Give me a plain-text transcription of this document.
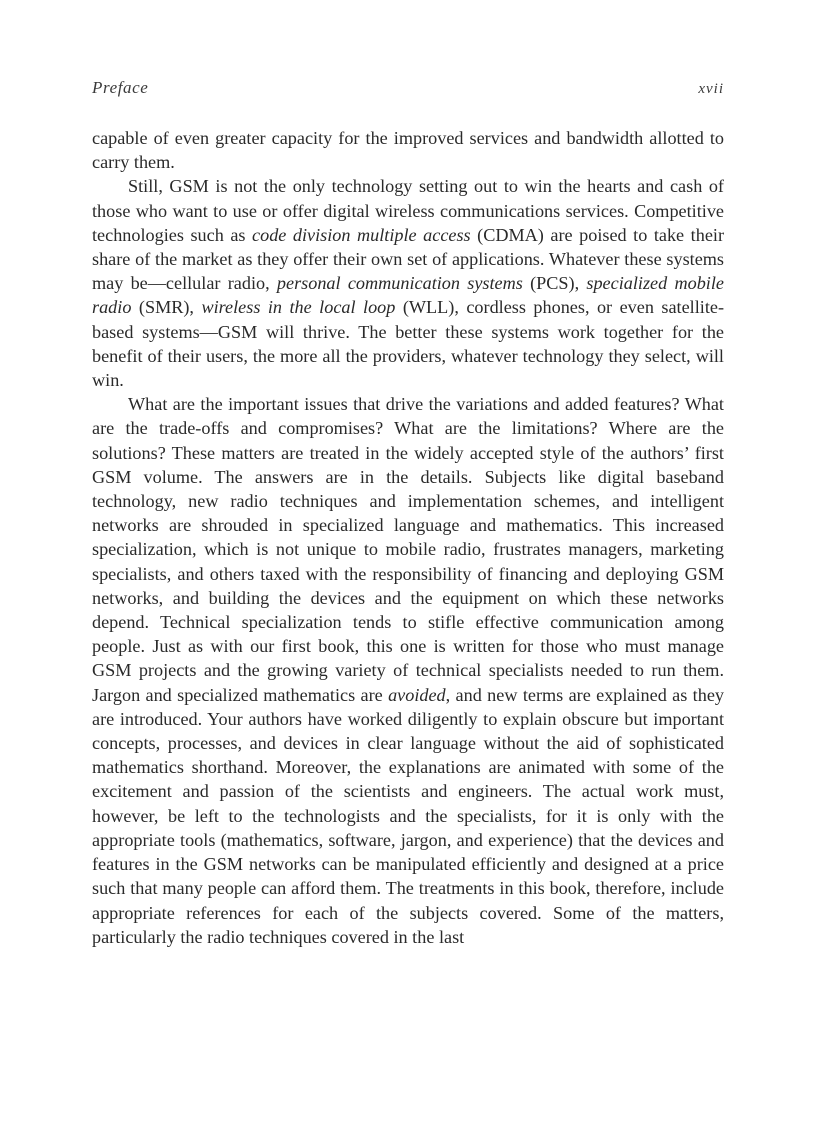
Preface	xvii

capable of even greater capacity for the improved services and bandwidth allotted to carry them.

Still, GSM is not the only technology setting out to win the hearts and cash of those who want to use or offer digital wireless communications services. Competitive technologies such as code division multiple access (CDMA) are poised to take their share of the market as they offer their own set of applications. Whatever these systems may be—cellular radio, personal communication systems (PCS), specialized mobile radio (SMR), wireless in the local loop (WLL), cordless phones, or even satellite-based systems—GSM will thrive. The better these systems work together for the benefit of their users, the more all the providers, whatever technology they select, will win.

What are the important issues that drive the variations and added features? What are the trade-offs and compromises? What are the limitations? Where are the solutions? These matters are treated in the widely accepted style of the authors’ first GSM volume. The answers are in the details. Subjects like digital baseband technology, new radio techniques and implementation schemes, and intelligent networks are shrouded in specialized language and mathematics. This increased specialization, which is not unique to mobile radio, frustrates managers, marketing specialists, and others taxed with the responsibility of financing and deploying GSM networks, and building the devices and the equipment on which these networks depend. Technical specialization tends to stifle effective communication among people. Just as with our first book, this one is written for those who must manage GSM projects and the growing variety of technical specialists needed to run them. Jargon and specialized mathematics are avoided, and new terms are explained as they are introduced. Your authors have worked diligently to explain obscure but important concepts, processes, and devices in clear language without the aid of sophisticated mathematics shorthand. Moreover, the explanations are animated with some of the excitement and passion of the scientists and engineers. The actual work must, however, be left to the technologists and the specialists, for it is only with the appropriate tools (mathematics, software, jargon, and experience) that the devices and features in the GSM networks can be manipulated efficiently and designed at a price such that many people can afford them. The treatments in this book, therefore, include appropriate references for each of the subjects covered. Some of the matters, particularly the radio techniques covered in the last
